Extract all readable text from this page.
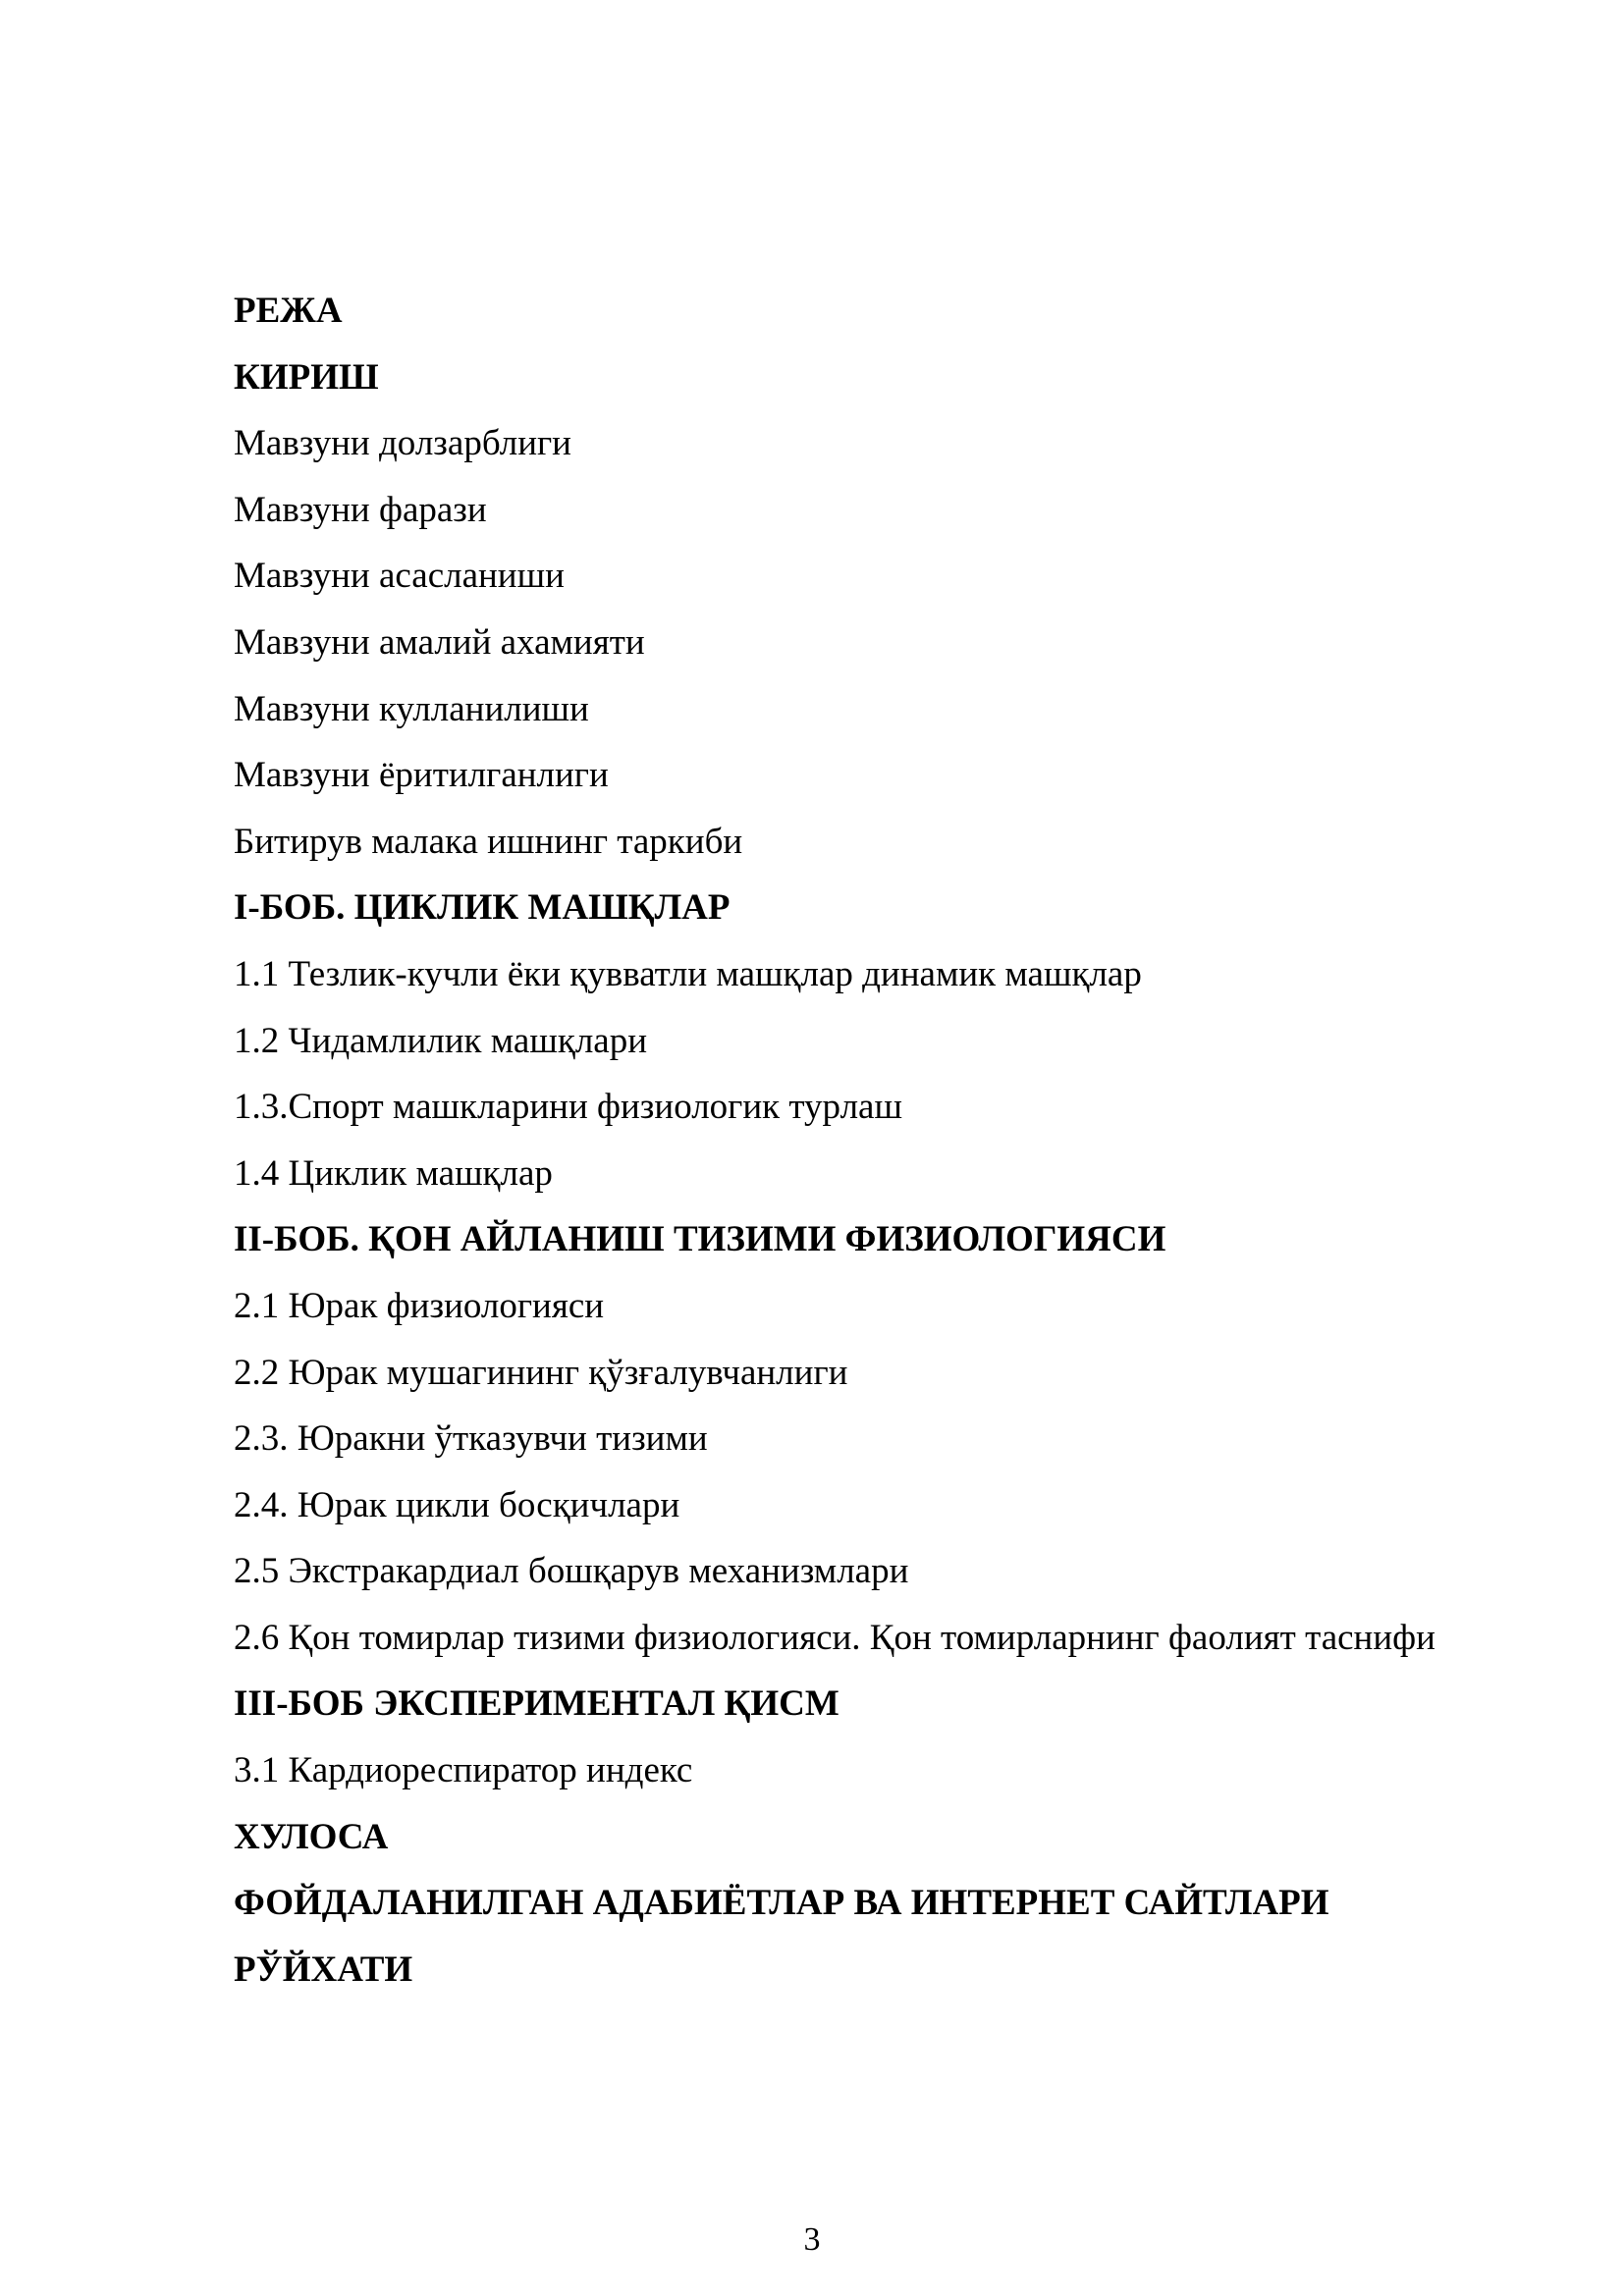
РЕЖА
КИРИШ
Мавзуни долзарблиги
Мавзуни фарази
Мавзуни асасланиши
Мавзуни амалий ахамияти
Мавзуни кулланилиши
Мавзуни ёритилганлиги
Битирув малака ишнинг таркиби
I-БОБ. ЦИКЛИК МАШҚЛАР
1.1 Тезлик-кучли ёки қувватли машқлар динамик машқлар
1.2 Чидамлилик машқлари
1.3.Спорт машкларини физиологик турлаш
1.4 Циклик машқлар
II-БОБ. ҚОН АЙЛАНИШ ТИЗИМИ ФИЗИОЛОГИЯСИ
2.1 Юрак физиологияси
2.2 Юрак мушагининг қўзғалувчанлиги
2.3. Юракни ўтказувчи тизими
2.4. Юрак цикли босқичлари
2.5 Экстракардиал бошқарув механизмлари
2.6 Қон томирлар тизими физиологияси. Қон томирларнинг фаолият таснифи
III-БОБ ЭКСПЕРИМЕНТАЛ ҚИСМ
3.1 Кардиореспиратор индекс
ХУЛОСА
ФОЙДАЛАНИЛГАН АДАБИЁТЛАР ВА ИНТЕРНЕТ САЙТЛАРИ
РЎЙХАТИ
3
